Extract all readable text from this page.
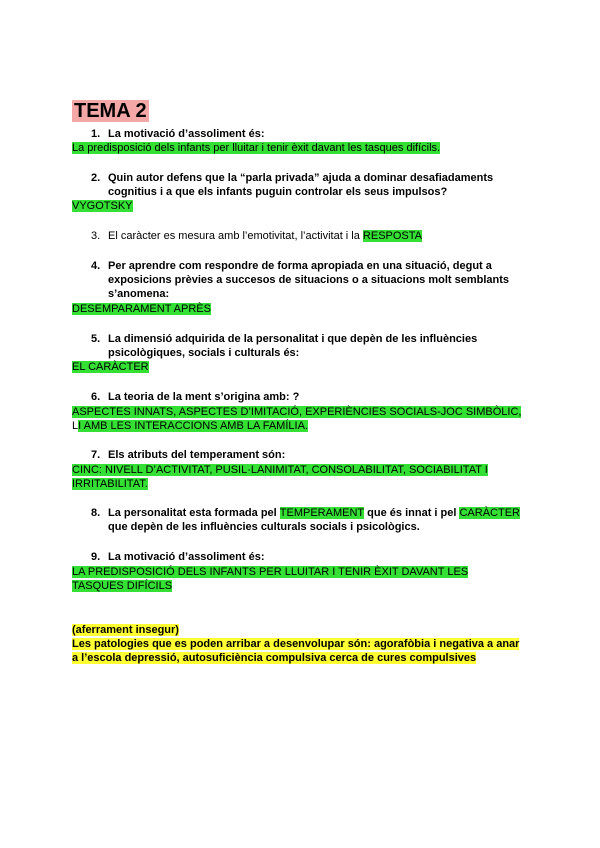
TEMA 2
1. La motivació d’assoliment és:
La predisposició dels infants per lluitar i tenir èxit davant les tasques difícils.
2. Quin autor defens que la “parla privada” ajuda a dominar desafiadaments cognitius i a que els infants puguin controlar els seus impulsos?
VYGOTSKY
3. El caràcter es mesura amb l’emotivitat, l’activitat i la RESPOSTA
4. Per aprendre com respondre de forma apropiada en una situació, degut a exposicions prèvies a succesos de situacions o a situacions molt semblants s’anomena:
DESEMPARAMENT APRÈS
5. La dimensió adquirida de la personalitat i que depèn de les influències psicològiques, socials i culturals és:
EL CARÀCTER
6. La teoria de la ment s’origina amb: ?
ASPECTES INNATS, ASPECTES D’IMITACIÓ, EXPERIÈNCIES SOCIALS-JOC SIMBÒLIC,
LI AMB LES INTERACCIONS AMB LA FAMÍLIA.
7. Els atributs del temperament són:
CINC: NIVELL D’ACTIVITAT, PUSIL·LANIMITAT, CONSOLABILITAT, SOCIABILITAT I
IRRITABILITAT.
8. La personalitat esta formada pel TEMPERAMENT que és innat i pel CARÀCTER
que depèn de les influències culturals socials i psicològics.
9. La motivació d’assoliment és:
LA PREDISPOSICIÓ DELS INFANTS PER LLUITAR I TENIR ÈXIT DAVANT LES
TASQUES DIFÍCILS
(aferrament insegur)
Les patologies que es poden arribar a desenvolupar són: agorafòbia i negativa a anar
a l’escola depressió, autosuficiència compulsiva cerca de cures compulsives
